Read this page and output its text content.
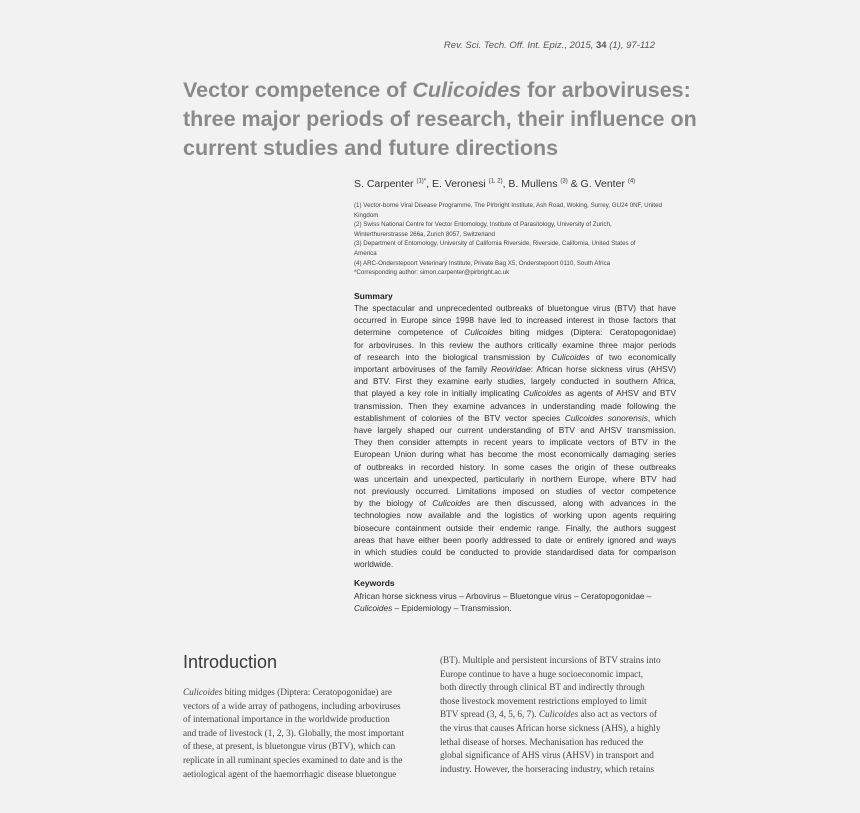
Rev. Sci. Tech. Off. Int. Epiz., 2015, 34 (1), 97-112
Vector competence of Culicoides for arboviruses:
three major periods of research, their influence on
current studies and future directions
S. Carpenter $^{(1)*}$, E. Veronesi $^{(1, 2)}$, B. Mullens $^{(3)}$ & G. Venter $^{(4)}$
(1) Vector-borne Viral Disease Programme, The Pirbright Institute, Ash Road, Woking, Surrey, GU24 0NF, United
Kingdom
(2) Swiss National Centre for Vector Entomology, Institute of Parasitology, University of Zurich,
Winterthurerstrasse 266a, Zurich 8057, Switzerland
(3) Department of Entomology, University of California Riverside, Riverside, California, United States of
America
(4) ARC-Onderstepoort Veterinary Institute, Private Bag X5, Onderstepoort 0110, South Africa
*Corresponding author: simon.carpenter@pirbright.ac.uk
Summary
The spectacular and unprecedented outbreaks of bluetongue virus (BTV) that have
occurred in Europe since 1998 have led to increased interest in those factors that
determine competence of Culicoides biting midges (Diptera: Ceratopogonidae)
for arboviruses. In this review the authors critically examine three major periods
of research into the biological transmission by Culicoides of two economically
important arboviruses of the family Reoviridae: African horse sickness virus (AHSV)
and BTV. First they examine early studies, largely conducted in southern Africa,
that played a key role in initially implicating Culicoides as agents of AHSV and BTV
transmission. Then they examine advances in understanding made following the
establishment of colonies of the BTV vector species Culicoides sonorensis, which
have largely shaped our current understanding of BTV and AHSV transmission.
They then consider attempts in recent years to implicate vectors of BTV in the
European Union during what has become the most economically damaging series
of outbreaks in recorded history. In some cases the origin of these outbreaks
was uncertain and unexpected, particularly in northern Europe, where BTV had
not previously occurred. Limitations imposed on studies of vector competence
by the biology of Culicoides are then discussed, along with advances in the
technologies now available and the logistics of working upon agents requiring
biosecure containment outside their endemic range. Finally, the authors suggest
areas that have either been poorly addressed to date or entirely ignored and ways
in which studies could be conducted to provide standardised data for comparison
worldwide.
Keywords
African horse sickness virus – Arbovirus – Bluetongue virus – Ceratopogonidae –
Culicoides – Epidemiology – Transmission.
Introduction
Culicoides biting midges (Diptera: Ceratopogonidae) are
vectors of a wide array of pathogens, including arboviruses
of international importance in the worldwide production
and trade of livestock (1, 2, 3). Globally, the most important
of these, at present, is bluetongue virus (BTV), which can
replicate in all ruminant species examined to date and is the
aetiological agent of the haemorrhagic disease bluetongue
(BT). Multiple and persistent incursions of BTV strains into
Europe continue to have a huge socioeconomic impact,
both directly through clinical BT and indirectly through
those livestock movement restrictions employed to limit
BTV spread (3, 4, 5, 6, 7). Culicoides also act as vectors of
the virus that causes African horse sickness (AHS), a highly
lethal disease of horses. Mechanisation has reduced the
global significance of AHS virus (AHSV) in transport and
industry. However, the horseracing industry, which retains
